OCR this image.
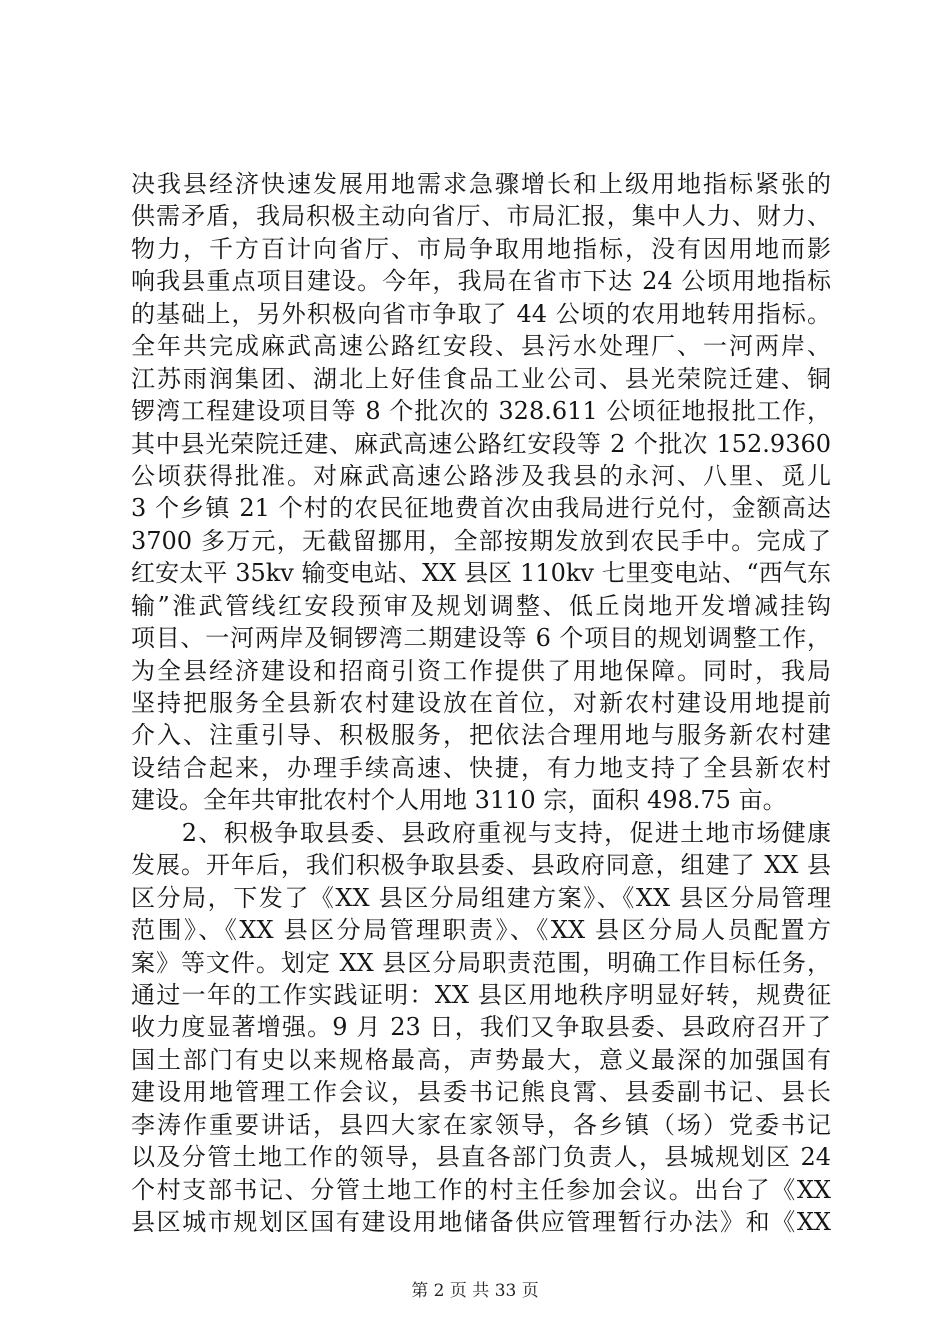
决我县经济快速发展用地需求急骤增长和上级用地指标紧张的
供需矛盾，我局积极主动向省厅、市局汇报，集中人力、财力、
物力，千方百计向省厅、市局争取用地指标，没有因用地而影
响我县重点项目建设。今年，我局在省市下达 24 公顷用地指标
的基础上，另外积极向省市争取了 44 公顷的农用地转用指标。
全年共完成麻武高速公路红安段、县污水处理厂、一河两岸、
江苏雨润集团、湖北上好佳食品工业公司、县光荣院迁建、铜
锣湾工程建设项目等 8 个批次的 328.611 公顷征地报批工作，
其中县光荣院迁建、麻武高速公路红安段等 2 个批次 152.9360
公顷获得批准。对麻武高速公路涉及我县的永河、八里、觅儿
3 个乡镇 21 个村的农民征地费首次由我局进行兑付，金额高达
3700 多万元，无截留挪用，全部按期发放到农民手中。完成了
红安太平 35kv 输变电站、XX 县区 110kv 七里变电站、“西气东
输”淮武管线红安段预审及规划调整、低丘岗地开发增减挂钩
项目、一河两岸及铜锣湾二期建设等 6 个项目的规划调整工作，
为全县经济建设和招商引资工作提供了用地保障。同时，我局
坚持把服务全县新农村建设放在首位，对新农村建设用地提前
介入、注重引导、积极服务，把依法合理用地与服务新农村建
设结合起来，办理手续高速、快捷，有力地支持了全县新农村
建设。全年共审批农村个人用地 3110 宗，面积 498.75 亩。
　　2、积极争取县委、县政府重视与支持，促进土地市场健康
发展。开年后，我们积极争取县委、县政府同意，组建了 XX 县
区分局，下发了《XX 县区分局组建方案》、《XX 县区分局管理
范围》、《XX 县区分局管理职责》、《XX 县区分局人员配置方
案》等文件。划定 XX 县区分局职责范围，明确工作目标任务，
通过一年的工作实践证明：XX 县区用地秩序明显好转，规费征
收力度显著增强。9 月 23 日，我们又争取县委、县政府召开了
国土部门有史以来规格最高，声势最大，意义最深的加强国有
建设用地管理工作会议，县委书记熊良霄、县委副书记、县长
李涛作重要讲话，县四大家在家领导，各乡镇（场）党委书记
以及分管土地工作的领导，县直各部门负责人，县城规划区 24
个村支部书记、分管土地工作的村主任参加会议。出台了《XX
县区城市规划区国有建设用地储备供应管理暂行办法》和《XX
第 2 页 共 33 页
